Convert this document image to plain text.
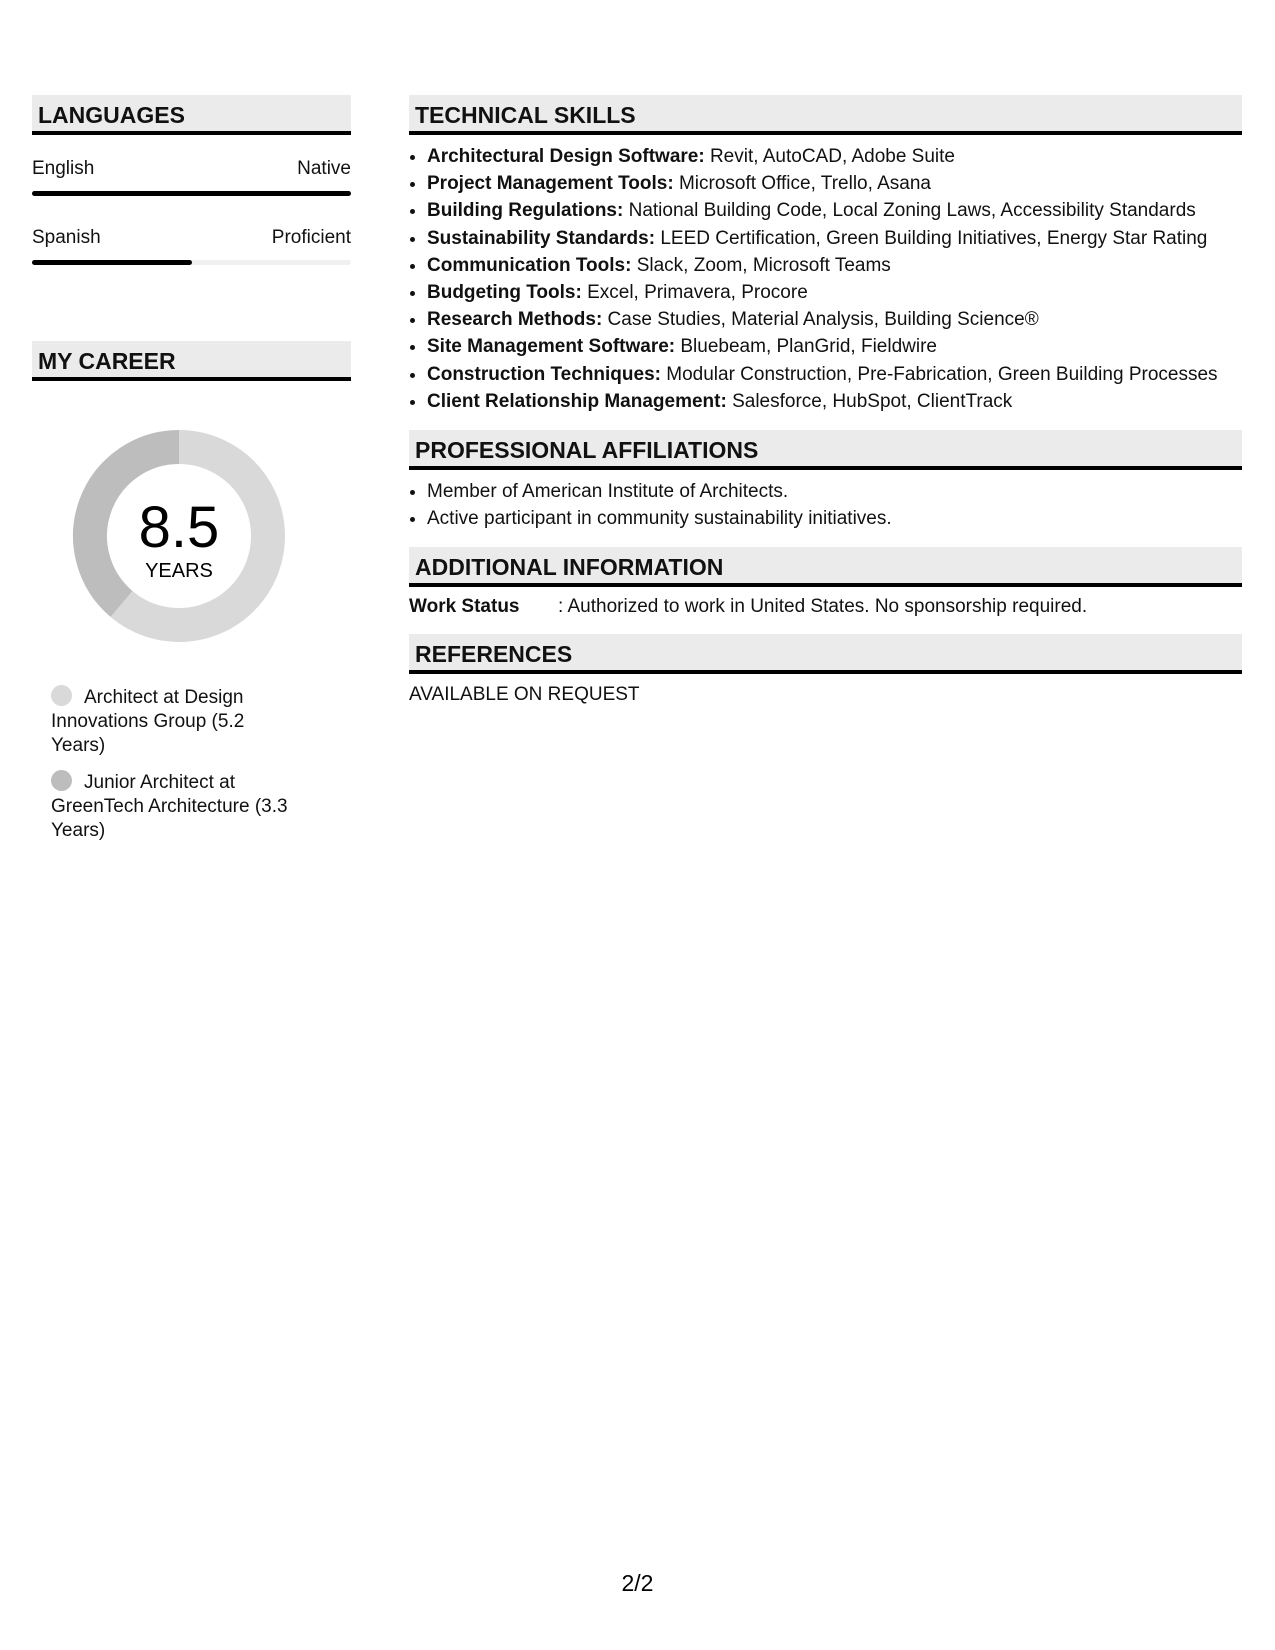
LANGUAGES
English	Native
Spanish	Proficient
MY CAREER
8.5
YEARS
Architect at Design Innovations Group (5.2 Years)
Junior Architect at GreenTech Architecture (3.3 Years)
TECHNICAL SKILLS
• Architectural Design Software: Revit, AutoCAD, Adobe Suite
• Project Management Tools: Microsoft Office, Trello, Asana
• Building Regulations: National Building Code, Local Zoning Laws, Accessibility Standards
• Sustainability Standards: LEED Certification, Green Building Initiatives, Energy Star Rating
• Communication Tools: Slack, Zoom, Microsoft Teams
• Budgeting Tools: Excel, Primavera, Procore
• Research Methods: Case Studies, Material Analysis, Building Science®
• Site Management Software: Bluebeam, PlanGrid, Fieldwire
• Construction Techniques: Modular Construction, Pre-Fabrication, Green Building Processes
• Client Relationship Management: Salesforce, HubSpot, ClientTrack
PROFESSIONAL AFFILIATIONS
• Member of American Institute of Architects.
• Active participant in community sustainability initiatives.
ADDITIONAL INFORMATION
Work Status	: Authorized to work in United States. No sponsorship required.
REFERENCES
AVAILABLE ON REQUEST
2/2
